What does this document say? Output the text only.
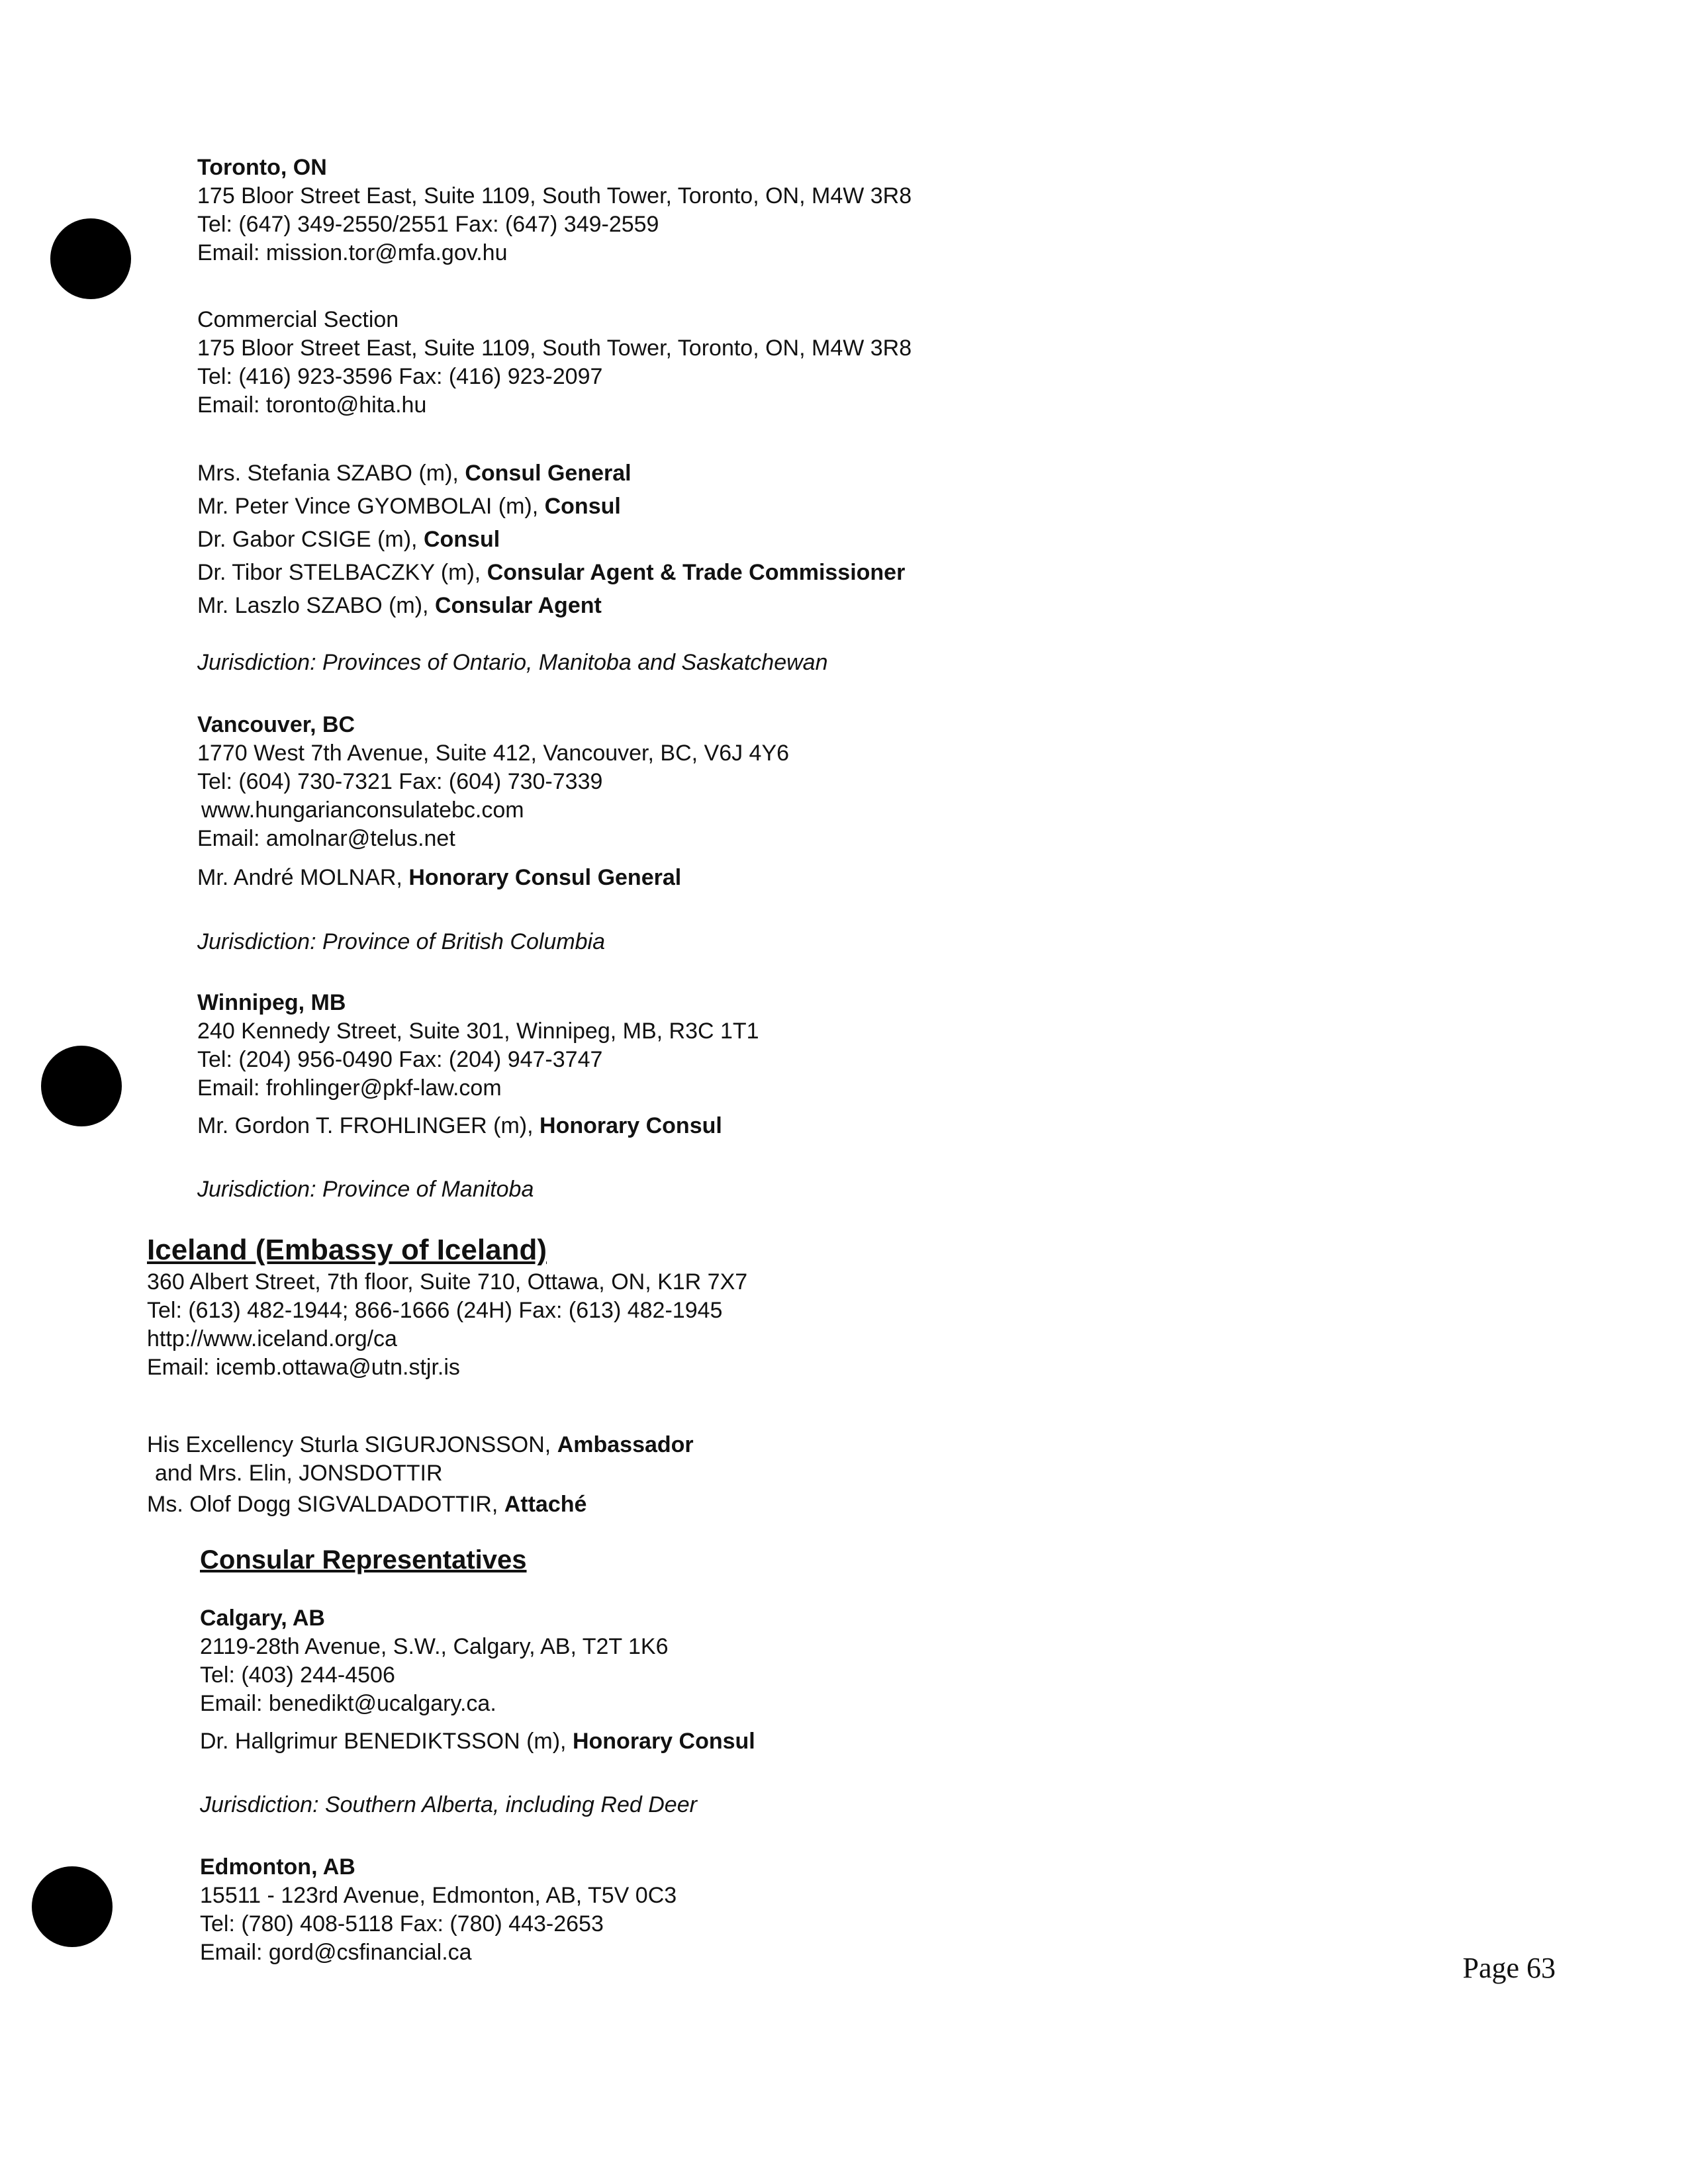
Toronto, ON
175 Bloor Street East, Suite 1109, South Tower, Toronto, ON, M4W 3R8
Tel: (647) 349-2550/2551 Fax: (647) 349-2559
Email: mission.tor@mfa.gov.hu
Commercial Section
175 Bloor Street East, Suite 1109, South Tower, Toronto, ON, M4W 3R8
Tel: (416) 923-3596 Fax: (416) 923-2097
Email: toronto@hita.hu
Mrs. Stefania SZABO (m), Consul General
Mr. Peter Vince GYOMBOLAI (m), Consul
Dr. Gabor CSIGE (m), Consul
Dr. Tibor STELBACZKY (m), Consular Agent & Trade Commissioner
Mr. Laszlo SZABO (m), Consular Agent
Jurisdiction: Provinces of Ontario, Manitoba and Saskatchewan
Vancouver, BC
1770 West 7th Avenue, Suite 412, Vancouver, BC, V6J 4Y6
Tel: (604) 730-7321 Fax: (604) 730-7339
www.hungarianconsulatebc.com
Email: amolnar@telus.net
Mr. André MOLNAR, Honorary Consul General
Jurisdiction: Province of British Columbia
Winnipeg, MB
240 Kennedy Street, Suite 301, Winnipeg, MB, R3C 1T1
Tel: (204) 956-0490 Fax: (204) 947-3747
Email: frohlinger@pkf-law.com
Mr. Gordon T. FROHLINGER (m), Honorary Consul
Jurisdiction: Province of Manitoba
Iceland (Embassy of Iceland)
360 Albert Street, 7th floor, Suite 710, Ottawa, ON, K1R 7X7
Tel: (613) 482-1944; 866-1666 (24H) Fax: (613) 482-1945
http://www.iceland.org/ca
Email: icemb.ottawa@utn.stjr.is
His Excellency Sturla SIGURJONSSON, Ambassador
and Mrs. Elin, JONSDOTTIR
Ms. Olof Dogg SIGVALDADOTTIR, Attaché
Consular Representatives
Calgary, AB
2119-28th Avenue, S.W., Calgary, AB, T2T 1K6
Tel: (403) 244-4506
Email: benedikt@ucalgary.ca.
Dr. Hallgrimur BENEDIKTSSON (m), Honorary Consul
Jurisdiction: Southern Alberta, including Red Deer
Edmonton, AB
15511 - 123rd Avenue, Edmonton, AB, T5V 0C3
Tel: (780) 408-5118 Fax: (780) 443-2653
Email: gord@csfinancial.ca	Page 63
